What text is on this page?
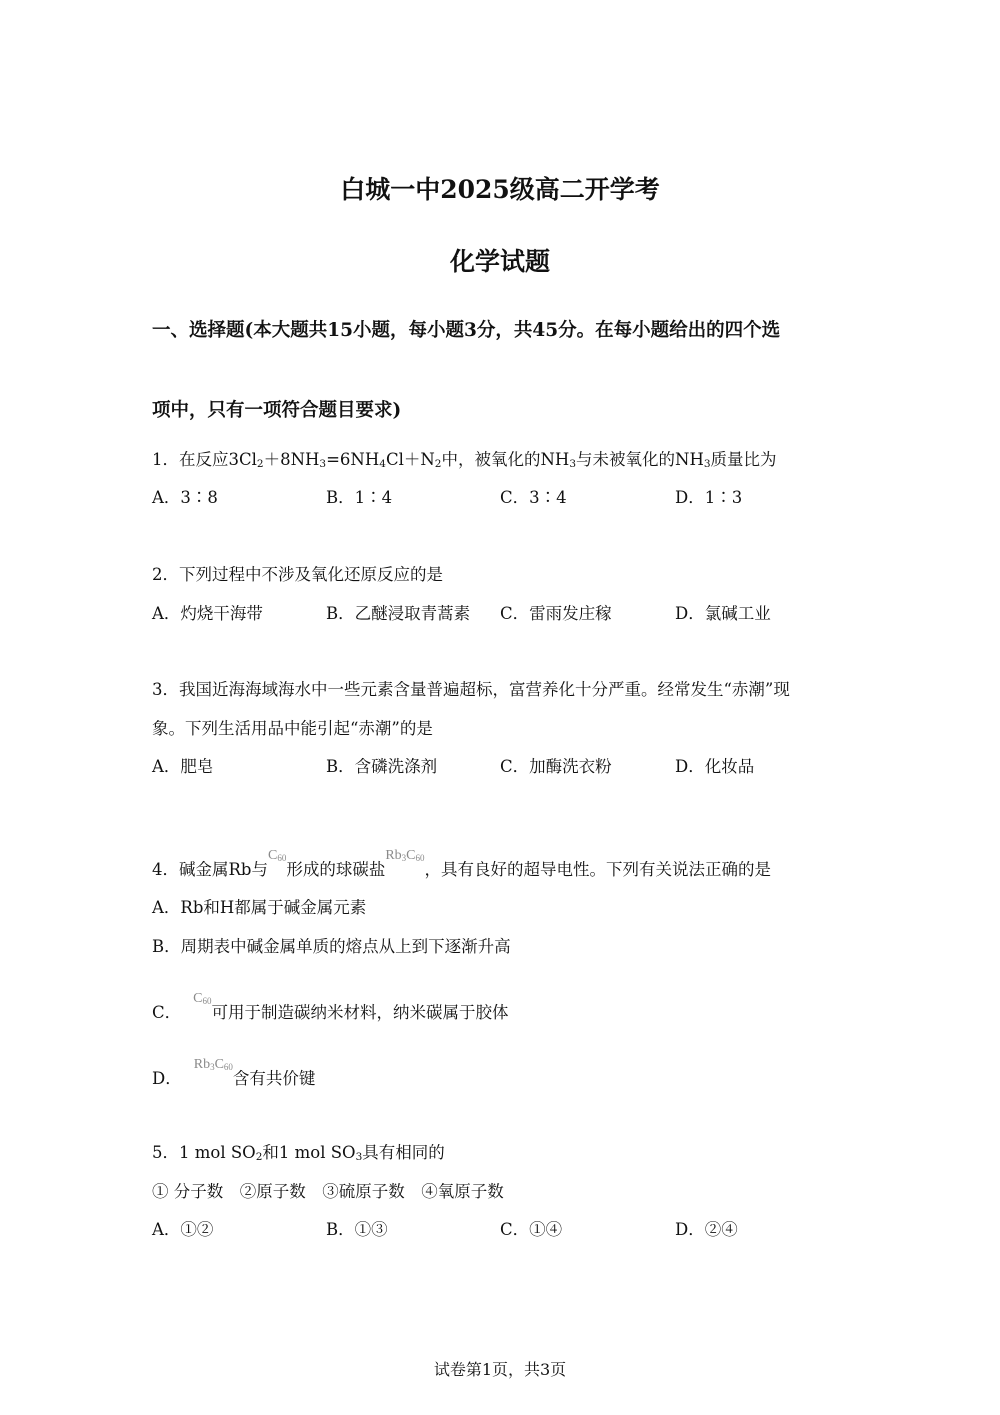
白城一中2025级高二开学考
化学试题
一、选择题(本大题共15小题，每小题3分，共45分。在每小题给出的四个选
项中，只有一项符合题目要求)
1．在反应$3Cl_2+8NH_3=6NH_4Cl+N_2$中，被氧化的$NH_3$与未被氧化的$NH_3$质量比为
A．3∶8	B．1∶4	C．3∶4	D．1∶3
2．下列过程中不涉及氧化还原反应的是
A．灼烧干海带	B．乙醚浸取青蒿素 C．雷雨发庄稼	D．氯碱工业
3．我国近海海域海水中一些元素含量普遍超标，富营养化十分严重。经常发生“赤潮”现
象。下列生活用品中能引起“赤潮”的是
A．肥皂	B．含磷洗涤剂	C．加酶洗衣粉	D．化妆品
4．碱金属Rb与$C_{60}$形成的球碳盐$Rb_3C_{60}$，具有良好的超导电性。下列有关说法正确的是
A．Rb和H都属于碱金属元素
B．周期表中碱金属单质的熔点从上到下逐渐升高
C．$C_{60}$可用于制造碳纳米材料，纳米碳属于胶体
D．$Rb_3C_{60}$含有共价键
5．1 mol $SO_2$和1 mol $SO_3$具有相同的
① 分子数　②原子数　③硫原子数　④氧原子数
A．①②	B．①③	C．①④	D．②④
试卷第1页，共3页
